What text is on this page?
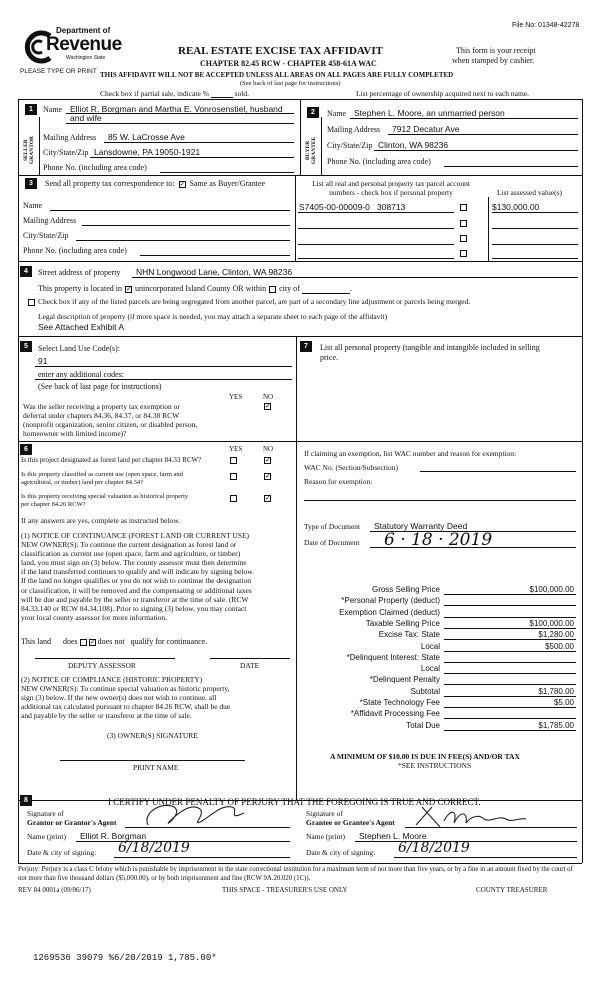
File No: 01348-42278
Department of
Revenue
Washington State
PLEASE TYPE OR PRINT
REAL ESTATE EXCISE TAX AFFIDAVIT
CHAPTER 82.45 RCW - CHAPTER 458-61A WAC
This form is your receipt
when stamped by cashier.
THIS AFFIDAVIT WILL NOT BE ACCEPTED UNLESS ALL AREAS ON ALL PAGES ARE FULLY COMPLETED
(See back of last page for instructions)
Check box if partial sale, indicate %	sold.	List percentage of ownership acquired next to each name.
1
SELLER GRANTOR
Name Elliot R. Borgman and Martha E. Vonrosenstiel, husband
and wife
Mailing Address 85 W. LaCrosse Ave
City/State/Zip Lansdowne, PA 19050-1921
Phone No. (including area code)
2
BUYER GRANTEE
Name Stephen L. Moore, an unmarried person
Mailing Address 7912 Decatur Ave
City/State/Zip Clinton, WA 98236
Phone No. (including area code)
3	Send all property tax correspondence to: ✓ Same as Buyer/Grantee
Name
Mailing Address
City/State/Zip
Phone No. (including area code)
List all real and personal property tax parcel account
numbers - check box if personal property	List assessed value(s)
S7405-00-00009-0 308713	$130,000.00
4	Street address of property NHN Longwood Lane, Clinton, WA 98236
This property is located in ✓ unincorporated Island County OR within city of	.
Check box if any of the listed parcels are being segregated from another parcel, are part of a secondary line adjustment or parcels being merged.
Legal description of property (if more space is needed, you may attach a separate sheet to each page of the affidavit)
See Attached Exhibit A
5	Select Land Use Code(s):
91
enter any additional codes:
(See back of last page for instructions)
YES	NO
Was the seller receiving a property tax exemption or
deferral under chapters 84.36, 84.37, or 84.38 RCW
(nonprofit organization, senior citizen, or disabled person,
homeowner with limited income)?
✓
7	List all personal property (tangible and intangible included in selling
price.
6	YES	NO
Is this project designated as forest land per chapter 84.33 RCW?	✓
Is this property classified as current use (open space, farm and
agricultural, or timber) land per chapter 84.34?
✓
Is this property receiving special valuation as historical property
per chapter 84.26 RCW?
✓
If any answers are yes, complete as instructed below.
(1) NOTICE OF CONTINUANCE (FOREST LAND OR CURRENT USE)
NEW OWNER(S): To continue the current designation as forest land or
classification as current use (open space, farm and agriculture, or timber)
land, you must sign on (3) below. The county assessor must then determine
if the land transferred continues to qualify and will indicate by signing below.
If the land no longer qualifies or you do not wish to continue the designation
or classification, it will be removed and the compensating or additional taxes
will be due and payable by the seller or transferor at the time of sale. (RCW
84.33.140 or RCW 84.34.108). Prior to signing (3) below, you may contact
your local county assessor for more information.
This land does ✓ does not qualify for continuance.
DEPUTY ASSESSOR	DATE
(2) NOTICE OF COMPLIANCE (HISTORIC PROPERTY)
NEW OWNER(S): To continue special valuation as historic property,
sign (3) below. If the new owner(s) does not wish to continue, all
additional tax calculated pursuant to chapter 84.26 RCW, shall be due
and payable by the seller or transferor at the time of sale.
(3) OWNER(S) SIGNATURE
PRINT NAME
If claiming an exemption, list WAC number and reason for exemption:
WAC No. (Section/Subsection)
Reason for exemption:
Type of Document Statutory Warranty Deed
Date of Document 6 · 18 · 2019
Gross Selling Price	$100,000.00
*Personal Property (deduct)
Exemption Claimed (deduct)
Taxable Selling Price	$100,000.00
Excise Tax: State	$1,280.00
Local	$500.00
*Delinquent Interest: State
Local
*Delinquent Penalty
Subtotal	$1,780.00
*State Technology Fee	$5.00
*Affidavit Processing Fee
Total Due	$1,785.00
A MINIMUM OF $10.00 IS DUE IN FEE(S) AND/OR TAX
*SEE INSTRUCTIONS
8	I CERTIFY UNDER PENALTY OF PERJURY THAT THE FOREGOING IS TRUE AND CORRECT.
Signature of
Grantor or Grantor's Agent
Name (print) Elliot R. Borgman
Date & city of signing: 6/18/2019
Signature of
Grantee or Grantee's Agent
Name (print) Stephen L. Moore
Date & city of signing: 6/18/2019
Perjury: Perjury is a class C felony which is punishable by imprisonment in the state correctional institution for a maximum term of not more than five years, or by a fine in an amount fixed by the court of not more than five thousand dollars ($5,000.00), or by both imprisonment and fine (RCW 9A.20.020 (1C)).
REV 84 0001a (09/06/17)	THIS SPACE - TREASURER'S USE ONLY	COUNTY TREASURER
1269536 39079 %6/20/2019 1,785.00*
